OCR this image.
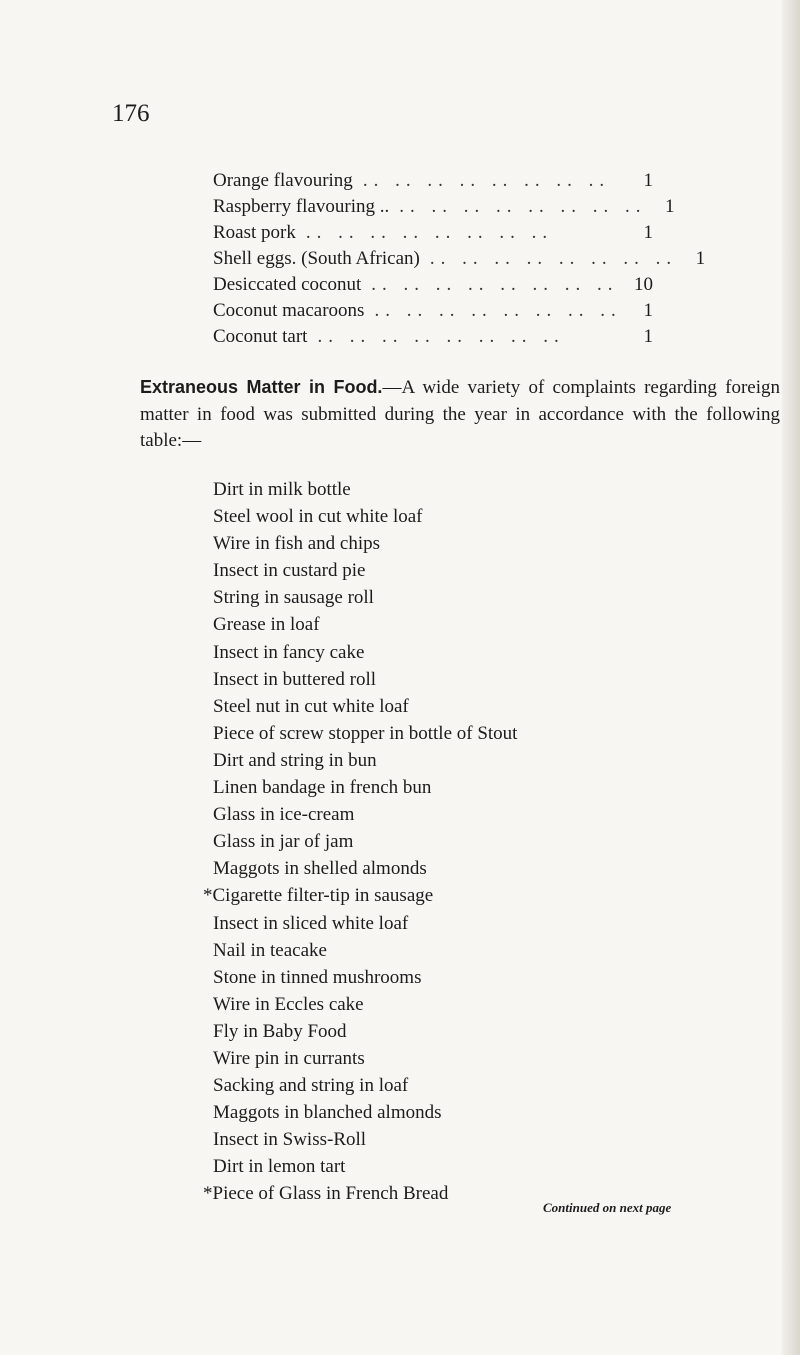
176
Orange flavouring .. .. .. .. .. .. .. ..	1
Raspberry flavouring .. .. .. .. .. .. .. .. .. 1
Roast pork .. .. .. .. .. .. .. ..	1
Shell eggs. (South African) .. .. .. .. .. .. .. .. 1
Desiccated coconut .. .. .. .. .. .. .. .. 10
Coconut macaroons .. .. .. .. .. .. .. ..	1
Coconut tart .. .. .. .. .. .. .. ..	1
Extraneous Matter in Food.—A wide variety of complaints regarding foreign matter in food was submitted during the year in accordance with the following table:—
Dirt in milk bottle
Steel wool in cut white loaf
Wire in fish and chips
Insect in custard pie
String in sausage roll
Grease in loaf
Insect in fancy cake
Insect in buttered roll
Steel nut in cut white loaf
Piece of screw stopper in bottle of Stout
Dirt and string in bun
Linen bandage in french bun
Glass in ice-cream
Glass in jar of jam
Maggots in shelled almonds
*Cigarette filter-tip in sausage
Insect in sliced white loaf
Nail in teacake
Stone in tinned mushrooms
Wire in Eccles cake
Fly in Baby Food
Wire pin in currants
Sacking and string in loaf
Maggots in blanched almonds
Insect in Swiss-Roll
Dirt in lemon tart
*Piece of Glass in French Bread
Continued on next page
